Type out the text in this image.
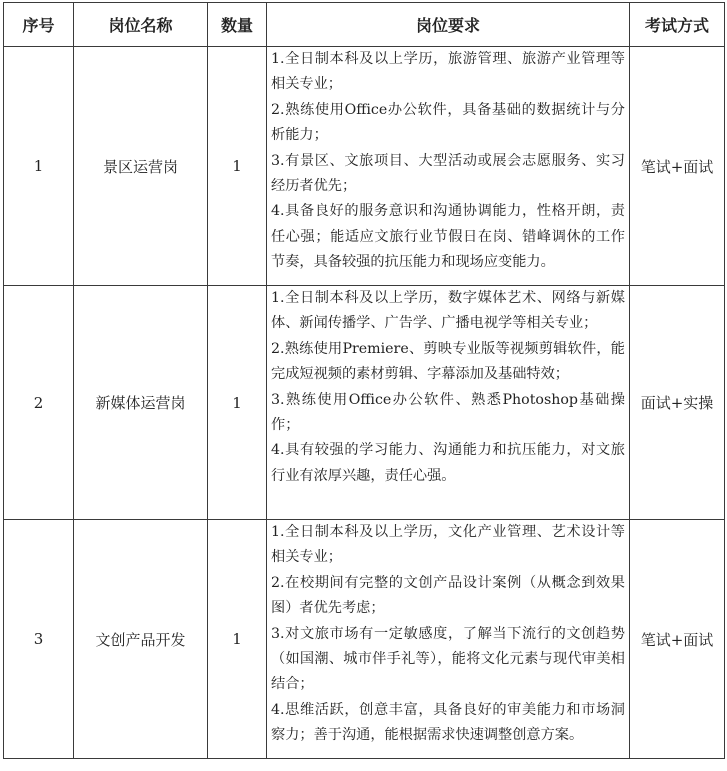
序号	岗位名称	数量	岗位要求	考试方式
1	景区运营岗	1	1.全日制本科及以上学历，旅游管理、旅游产业管理等相关专业；
2.熟练使用Office办公软件，具备基础的数据统计与分析能力；
3.有景区、文旅项目、大型活动或展会志愿服务、实习经历者优先；
4.具备良好的服务意识和沟通协调能力，性格开朗，责任心强；能适应文旅行业节假日在岗、错峰调休的工作节奏，具备较强的抗压能力和现场应变能力。	笔试+面试
2	新媒体运营岗	1	1.全日制本科及以上学历，数字媒体艺术、网络与新媒体、新闻传播学、广告学、广播电视学等相关专业；
2.熟练使用Premiere、剪映专业版等视频剪辑软件，能完成短视频的素材剪辑、字幕添加及基础特效；
3.熟练使用Office办公软件、熟悉Photoshop基础操作；
4.具有较强的学习能力、沟通能力和抗压能力，对文旅行业有浓厚兴趣，责任心强。	面试+实操
3	文创产品开发	1	1.全日制本科及以上学历，文化产业管理、艺术设计等相关专业；
2.在校期间有完整的文创产品设计案例（从概念到效果图）者优先考虑；
3.对文旅市场有一定敏感度，了解当下流行的文创趋势（如国潮、城市伴手礼等），能将文化元素与现代审美相结合；
4.思维活跃，创意丰富，具备良好的审美能力和市场洞察力；善于沟通，能根据需求快速调整创意方案。	笔试+面试
